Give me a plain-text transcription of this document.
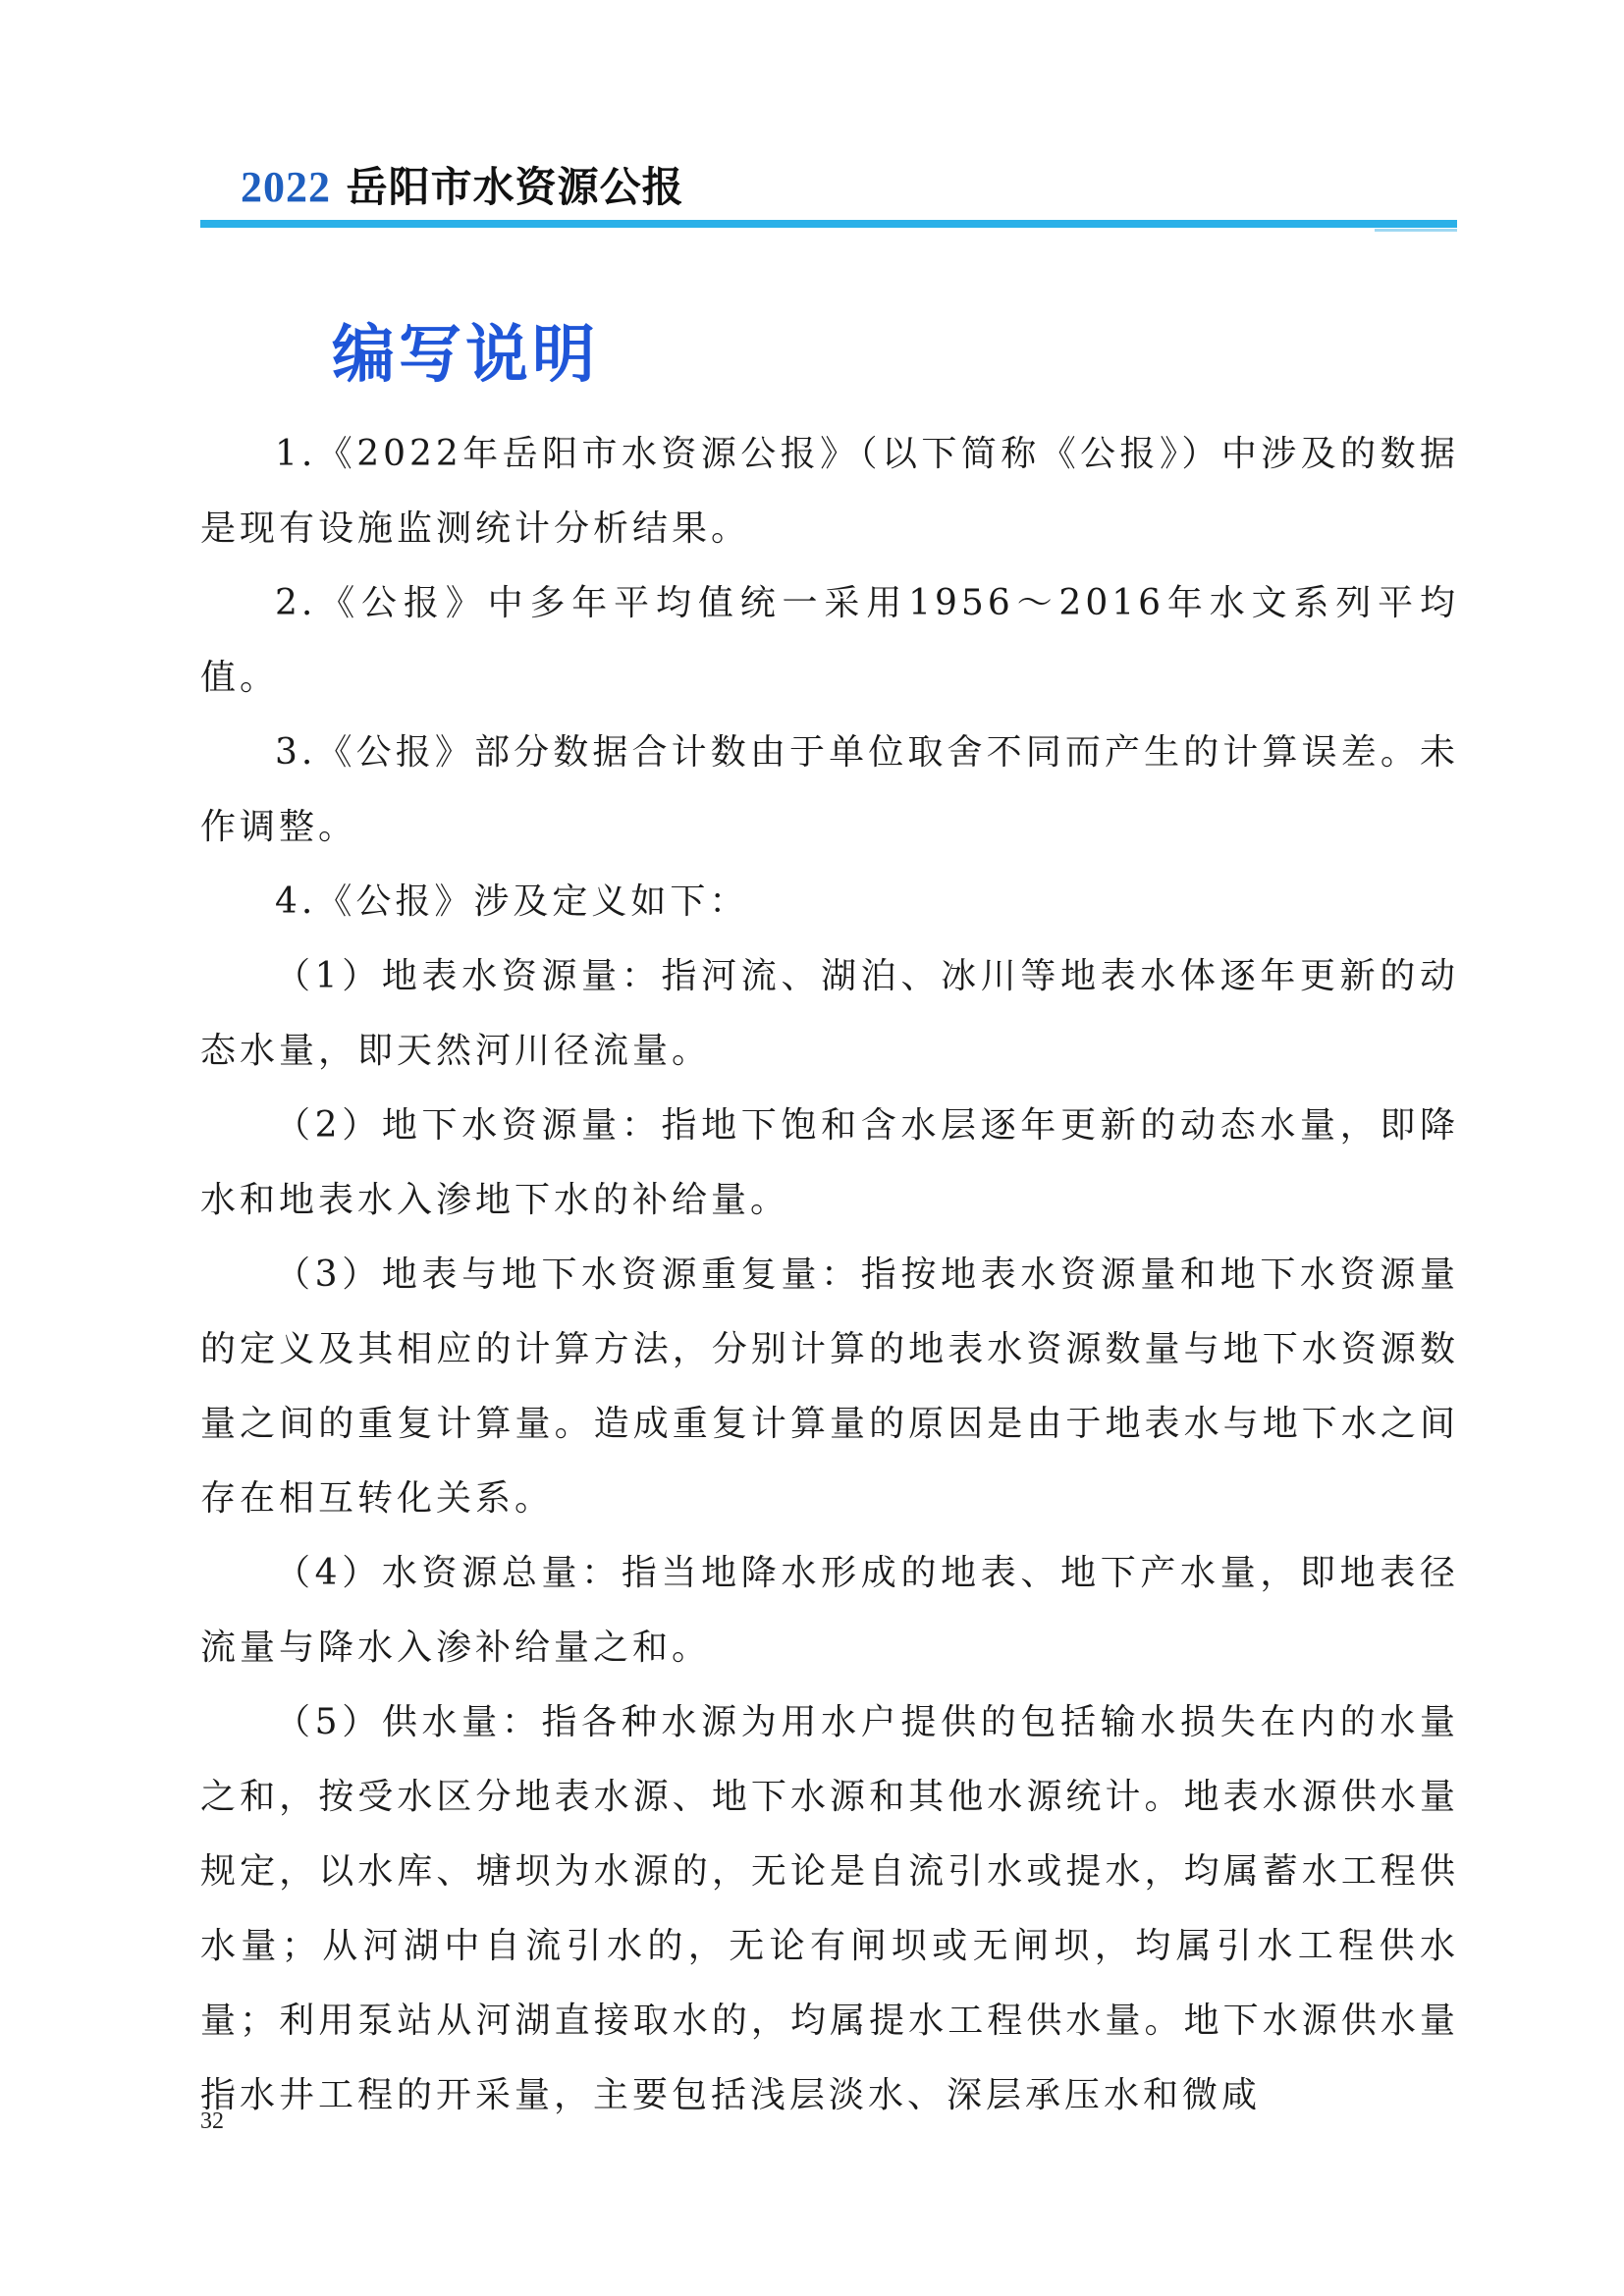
2022 岳阳市水资源公报
编写说明

1.《2022年岳阳市水资源公报》（以下简称《公报》）中涉及的数据是现有设施监测统计分析结果。

2.《公报》中多年平均值统一采用1956～2016年水文系列平均值。

3.《公报》部分数据合计数由于单位取舍不同而产生的计算误差。未作调整。

4.《公报》涉及定义如下：

（1）地表水资源量：指河流、湖泊、冰川等地表水体逐年更新的动态水量，即天然河川径流量。

（2）地下水资源量：指地下饱和含水层逐年更新的动态水量，即降水和地表水入渗地下水的补给量。

（3）地表与地下水资源重复量：指按地表水资源量和地下水资源量的定义及其相应的计算方法，分别计算的地表水资源数量与地下水资源数量之间的重复计算量。造成重复计算量的原因是由于地表水与地下水之间存在相互转化关系。

（4）水资源总量：指当地降水形成的地表、地下产水量，即地表径流量与降水入渗补给量之和。

（5）供水量：指各种水源为用水户提供的包括输水损失在内的水量之和，按受水区分地表水源、地下水源和其他水源统计。地表水源供水量规定，以水库、塘坝为水源的，无论是自流引水或提水，均属蓄水工程供水量；从河湖中自流引水的，无论有闸坝或无闸坝，均属引水工程供水量；利用泵站从河湖直接取水的，均属提水工程供水量。地下水源供水量指水井工程的开采量，主要包括浅层淡水、深层承压水和微咸

32
